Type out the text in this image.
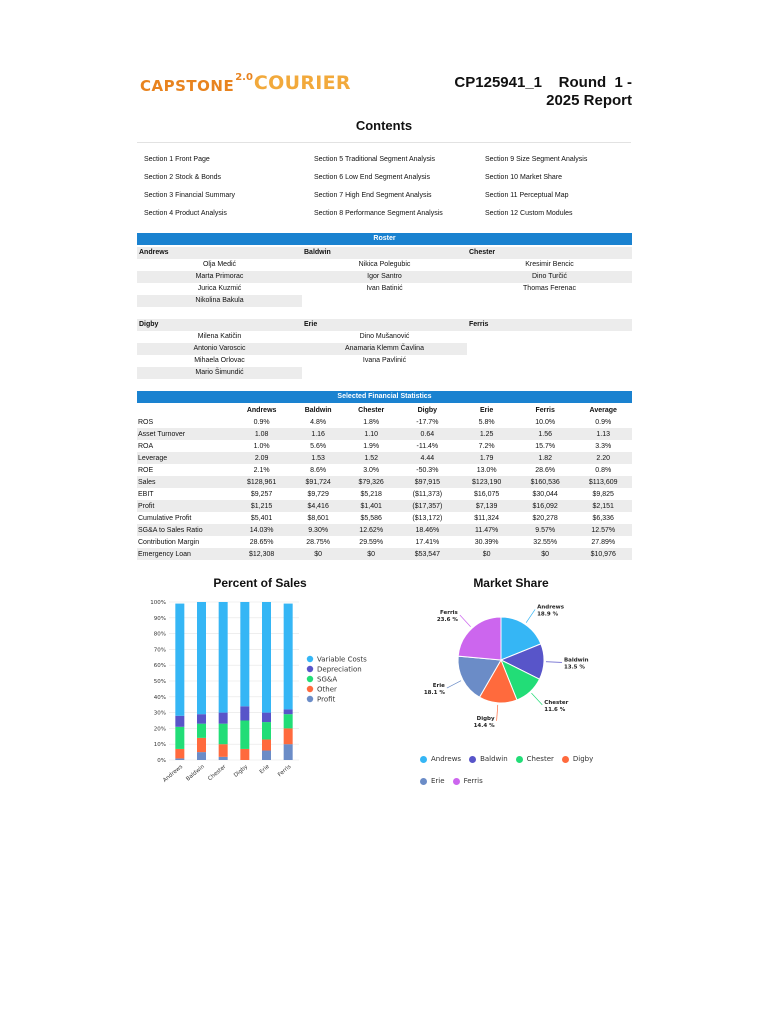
CAPSTONE 2.0 COURIER	CP125941_1    Round  1 -
2025 Report
Contents
Section 1 Front Page
Section 2 Stock & Bonds
Section 3 Financial Summary
Section 4 Product Analysis
Section 5 Traditional Segment Analysis
Section 6 Low End Segment Analysis
Section 7 High End Segment Analysis
Section 8 Performance Segment Analysis
Section 9 Size Segment Analysis
Section 10 Market Share
Section 11 Perceptual Map
Section 12 Custom Modules
Roster
Andrews	Baldwin	Chester
Olja Medić	Nikica Polegubic	Kresimir Bencic
Marta Primorac	Igor Santro	Dino Turčić
Jurica Kuzmić	Ivan Batinić	Thomas Ferenac
Nikolina Bakula
Digby	Erie	Ferris
Milena Katičin	Dino Mušanović
Antonio Varoscic	Anamaria Klemm Čavlina
Mihaela Orlovac	Ivana Pavlinić
Mario Šimundić
Selected Financial Statistics
	Andrews	Baldwin	Chester	Digby	Erie	Ferris	Average
ROS	0.9%	4.8%	1.8%	-17.7%	5.8%	10.0%	0.9%
Asset Turnover	1.08	1.16	1.10	0.64	1.25	1.56	1.13
ROA	1.0%	5.6%	1.9%	-11.4%	7.2%	15.7%	3.3%
Leverage	2.09	1.53	1.52	4.44	1.79	1.82	2.20
ROE	2.1%	8.6%	3.0%	-50.3%	13.0%	28.6%	0.8%
Sales	$128,961	$91,724	$79,326	$97,915	$123,190	$160,536	$113,609
EBIT	$9,257	$9,729	$5,218	($11,373)	$16,075	$30,044	$9,825
Profit	$1,215	$4,416	$1,401	($17,357)	$7,139	$16,092	$2,151
Cumulative Profit	$5,401	$8,601	$5,586	($13,172)	$11,324	$20,278	$6,336
SG&A to Sales Ratio	14.03%	9.30%	12.62%	18.46%	11.47%	9.57%	12.57%
Contribution Margin	28.65%	28.75%	29.59%	17.41%	30.39%	32.55%	27.89%
Emergency Loan	$12,308	$0	$0	$53,547	$0	$0	$10,976
Percent of Sales
0%
10%
20%
30%
40%
50%
60%
70%
80%
90%
100%
Andrews Baldwin Chester Digby Erie Ferris
Variable Costs
Depreciation
SG&A
Other
Profit
Market Share
Andrews
18.9 %
Baldwin
13.5 %
Chester
11.6 %
Digby
14.4 %
Erie
18.1 %
Ferris
23.6 %
Andrews	Baldwin	Chester	Digby
Erie	Ferris
